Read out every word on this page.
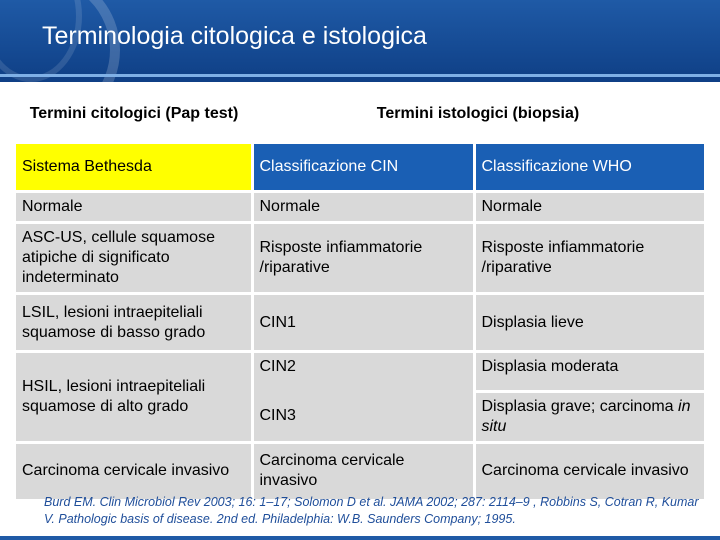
Terminologia citologica e istologica
Termini citologici (Pap test)	Termini istologici (biopsia)	
Sistema Bethesda	Classificazione CIN	Classificazione WHO
Normale	Normale	Normale
ASC-US, cellule squamose atipiche di significato indeterminato	Risposte infiammatorie /riparative	Risposte infiammatorie /riparative
LSIL, lesioni intraepiteliali squamose di basso grado	CIN1	Displasia lieve
HSIL, lesioni intraepiteliali squamose di alto grado	CIN2	Displasia moderata
	CIN3	Displasia grave; carcinoma in situ
Carcinoma cervicale invasivo	Carcinoma cervicale invasivo	Carcinoma cervicale invasivo
Burd EM. Clin Microbiol Rev 2003; 16: 1–17; Solomon D et al. JAMA 2002; 287: 2114–9 , Robbins S, Cotran R, Kumar V. Pathologic basis of disease. 2nd ed. Philadelphia: W.B. Saunders Company; 1995.
